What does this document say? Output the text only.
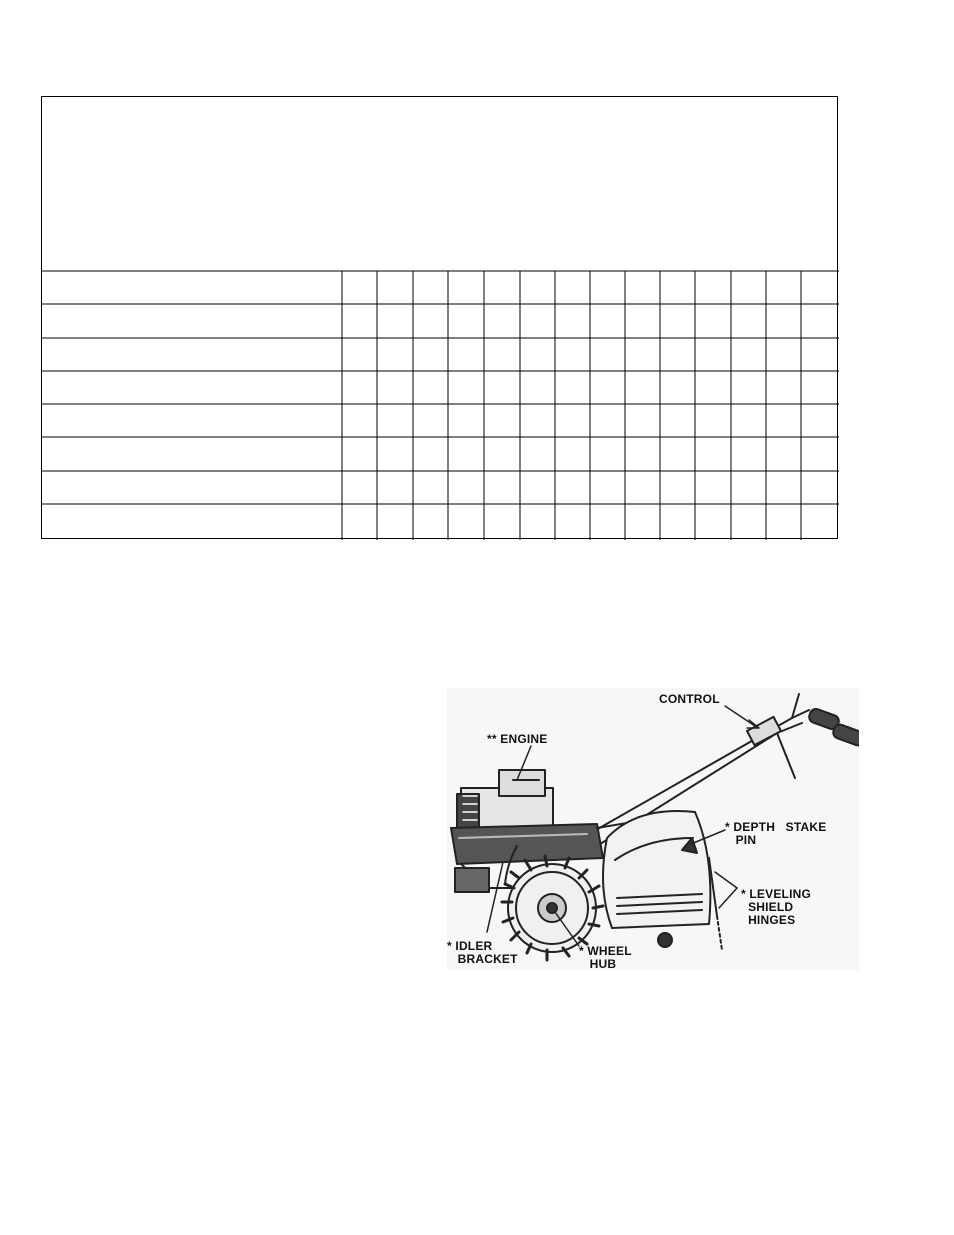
CONTROL
** ENGINE
* DEPTH   STAKE
PIN
* LEVELING
SHIELD
HINGES
* IDLER
BRACKET
* WHEEL
HUB
